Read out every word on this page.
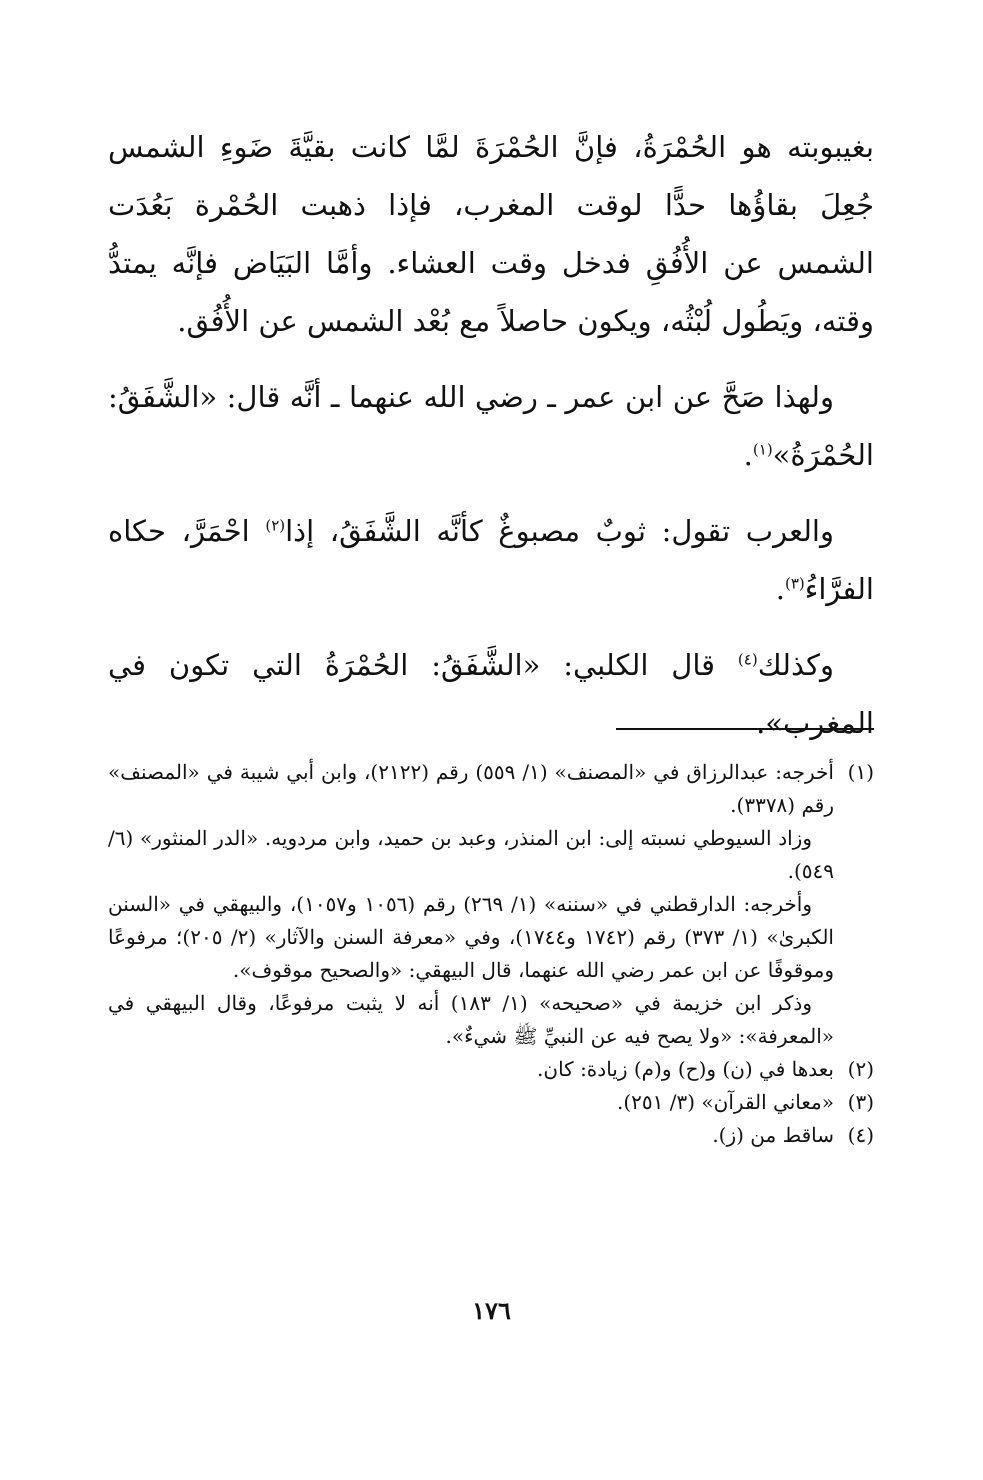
بغيبوبته هو الحُمْرَةُ، فإنَّ الحُمْرَةَ لمَّا كانت بقيَّةَ ضَوءِ الشمس جُعِلَ بقاؤُها حدًّا لوقت المغرب، فإذا ذهبت الحُمْرة بَعُدَت الشمس عن الأُفُقِ فدخل وقت العشاء. وأمَّا البَيَاض فإنَّه يمتدُّ وقته، ويَطُول لُبْثُه، ويكون حاصلاً مع بُعْد الشمس عن الأُفُق.

ولهذا صَحَّ عن ابن عمر ـ رضي الله عنهما ـ أنَّه قال: «الشَّفَقُ: الحُمْرَةُ»$^{(١)}$.

والعرب تقول: ثوبٌ مصبوغٌ كأنَّه الشَّفَقُ، إذا$^{(٢)}$ احْمَرَّ، حكاه الفرَّاءُ$^{(٣)}$.

وكذلك$^{(٤)}$ قال الكلبي: «الشَّفَقُ: الحُمْرَةُ التي تكون في المغرب».

(١)
أخرجه: عبدالرزاق في «المصنف» (١/ ٥٥٩) رقم (٢١٢٢)، وابن أبي شيبة في «المصنف» رقم (٣٣٧٨).
وزاد السيوطي نسبته إلى: ابن المنذر، وعبد بن حميد، وابن مردويه. «الدر المنثور» (٦/ ٥٤٩).
وأخرجه: الدارقطني في «سننه» (١/ ٢٦٩) رقم (١٠٥٦ و١٠٥٧)، والبيهقي في «السنن الكبرىٰ» (١/ ٣٧٣) رقم (١٧٤٢ و١٧٤٤)، وفي «معرفة السنن والآثار» (٢/ ٢٠٥)؛ مرفوعًا وموقوفًا عن ابن عمر رضي الله عنهما، قال البيهقي: «والصحيح موقوف».
وذكر ابن خزيمة في «صحيحه» (١/ ١٨٣) أنه لا يثبت مرفوعًا، وقال البيهقي في «المعرفة»: «ولا يصح فيه عن النبيِّ ﷺ شيءٌ».
(٢)
بعدها في (ن) و(ح) و(م) زيادة: كان.
(٣)
«معاني القرآن» (٣/ ٢٥١).
(٤)
ساقط من (ز).
١٧٦
